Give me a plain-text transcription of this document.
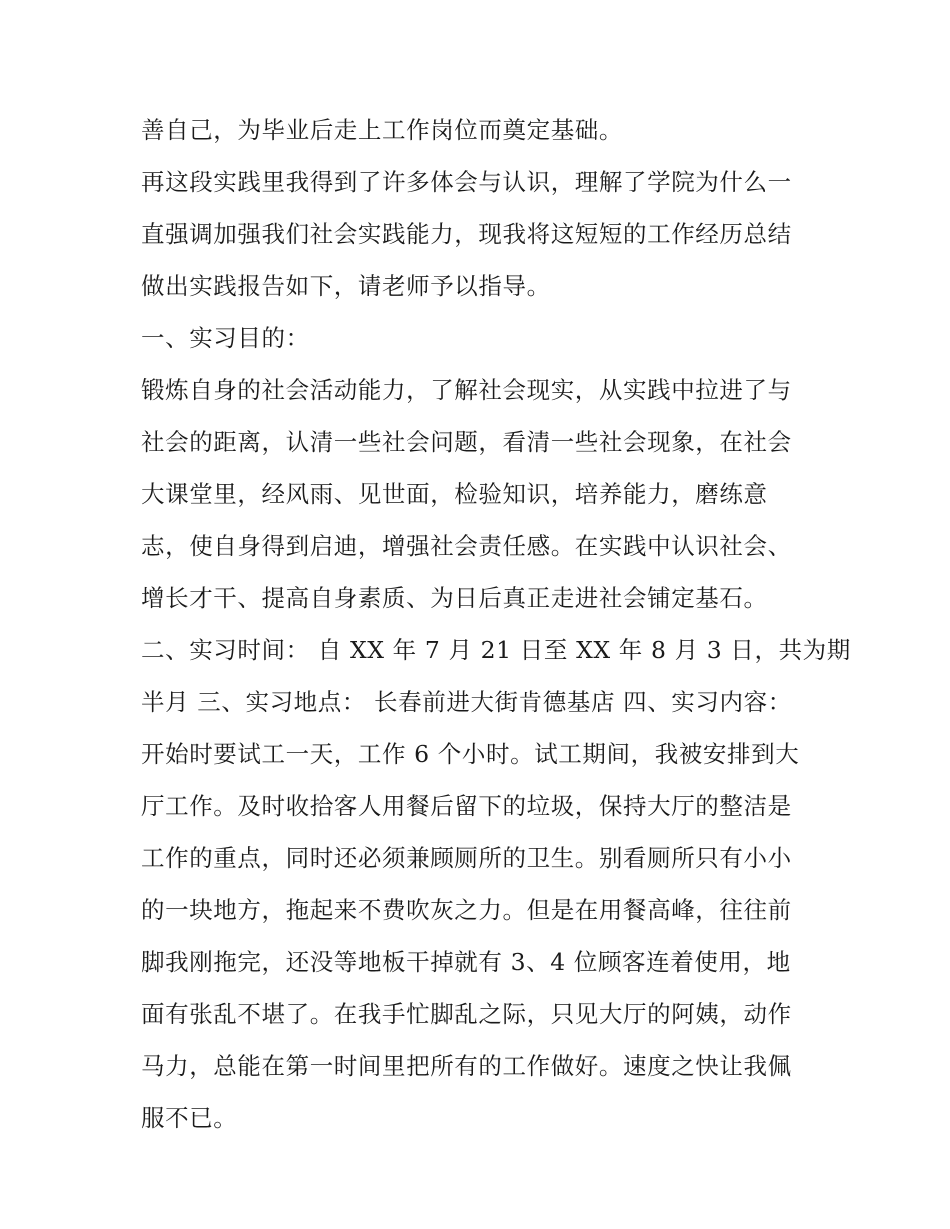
善自己，为毕业后走上工作岗位而奠定基础。
再这段实践里我得到了许多体会与认识，理解了学院为什么一
直强调加强我们社会实践能力，现我将这短短的工作经历总结
做出实践报告如下，请老师予以指导。
一、实习目的：
锻炼自身的社会活动能力，了解社会现实，从实践中拉进了与
社会的距离，认清一些社会问题，看清一些社会现象，在社会
大课堂里，经风雨、见世面，检验知识，培养能力，磨练意
志，使自身得到启迪，增强社会责任感。在实践中认识社会、
增长才干、提高自身素质、为日后真正走进社会铺定基石。
二、实习时间： 自 XX 年 7 月 21 日至 XX 年 8 月 3 日，共为期
半月 三、实习地点： 长春前进大街肯德基店 四、实习内容：
开始时要试工一天，工作 6 个小时。试工期间，我被安排到大
厅工作。及时收拾客人用餐后留下的垃圾，保持大厅的整洁是
工作的重点，同时还必须兼顾厕所的卫生。别看厕所只有小小
的一块地方，拖起来不费吹灰之力。但是在用餐高峰，往往前
脚我刚拖完，还没等地板干掉就有 3、4 位顾客连着使用，地
面有张乱不堪了。在我手忙脚乱之际，只见大厅的阿姨，动作
马力，总能在第一时间里把所有的工作做好。速度之快让我佩
服不已。
